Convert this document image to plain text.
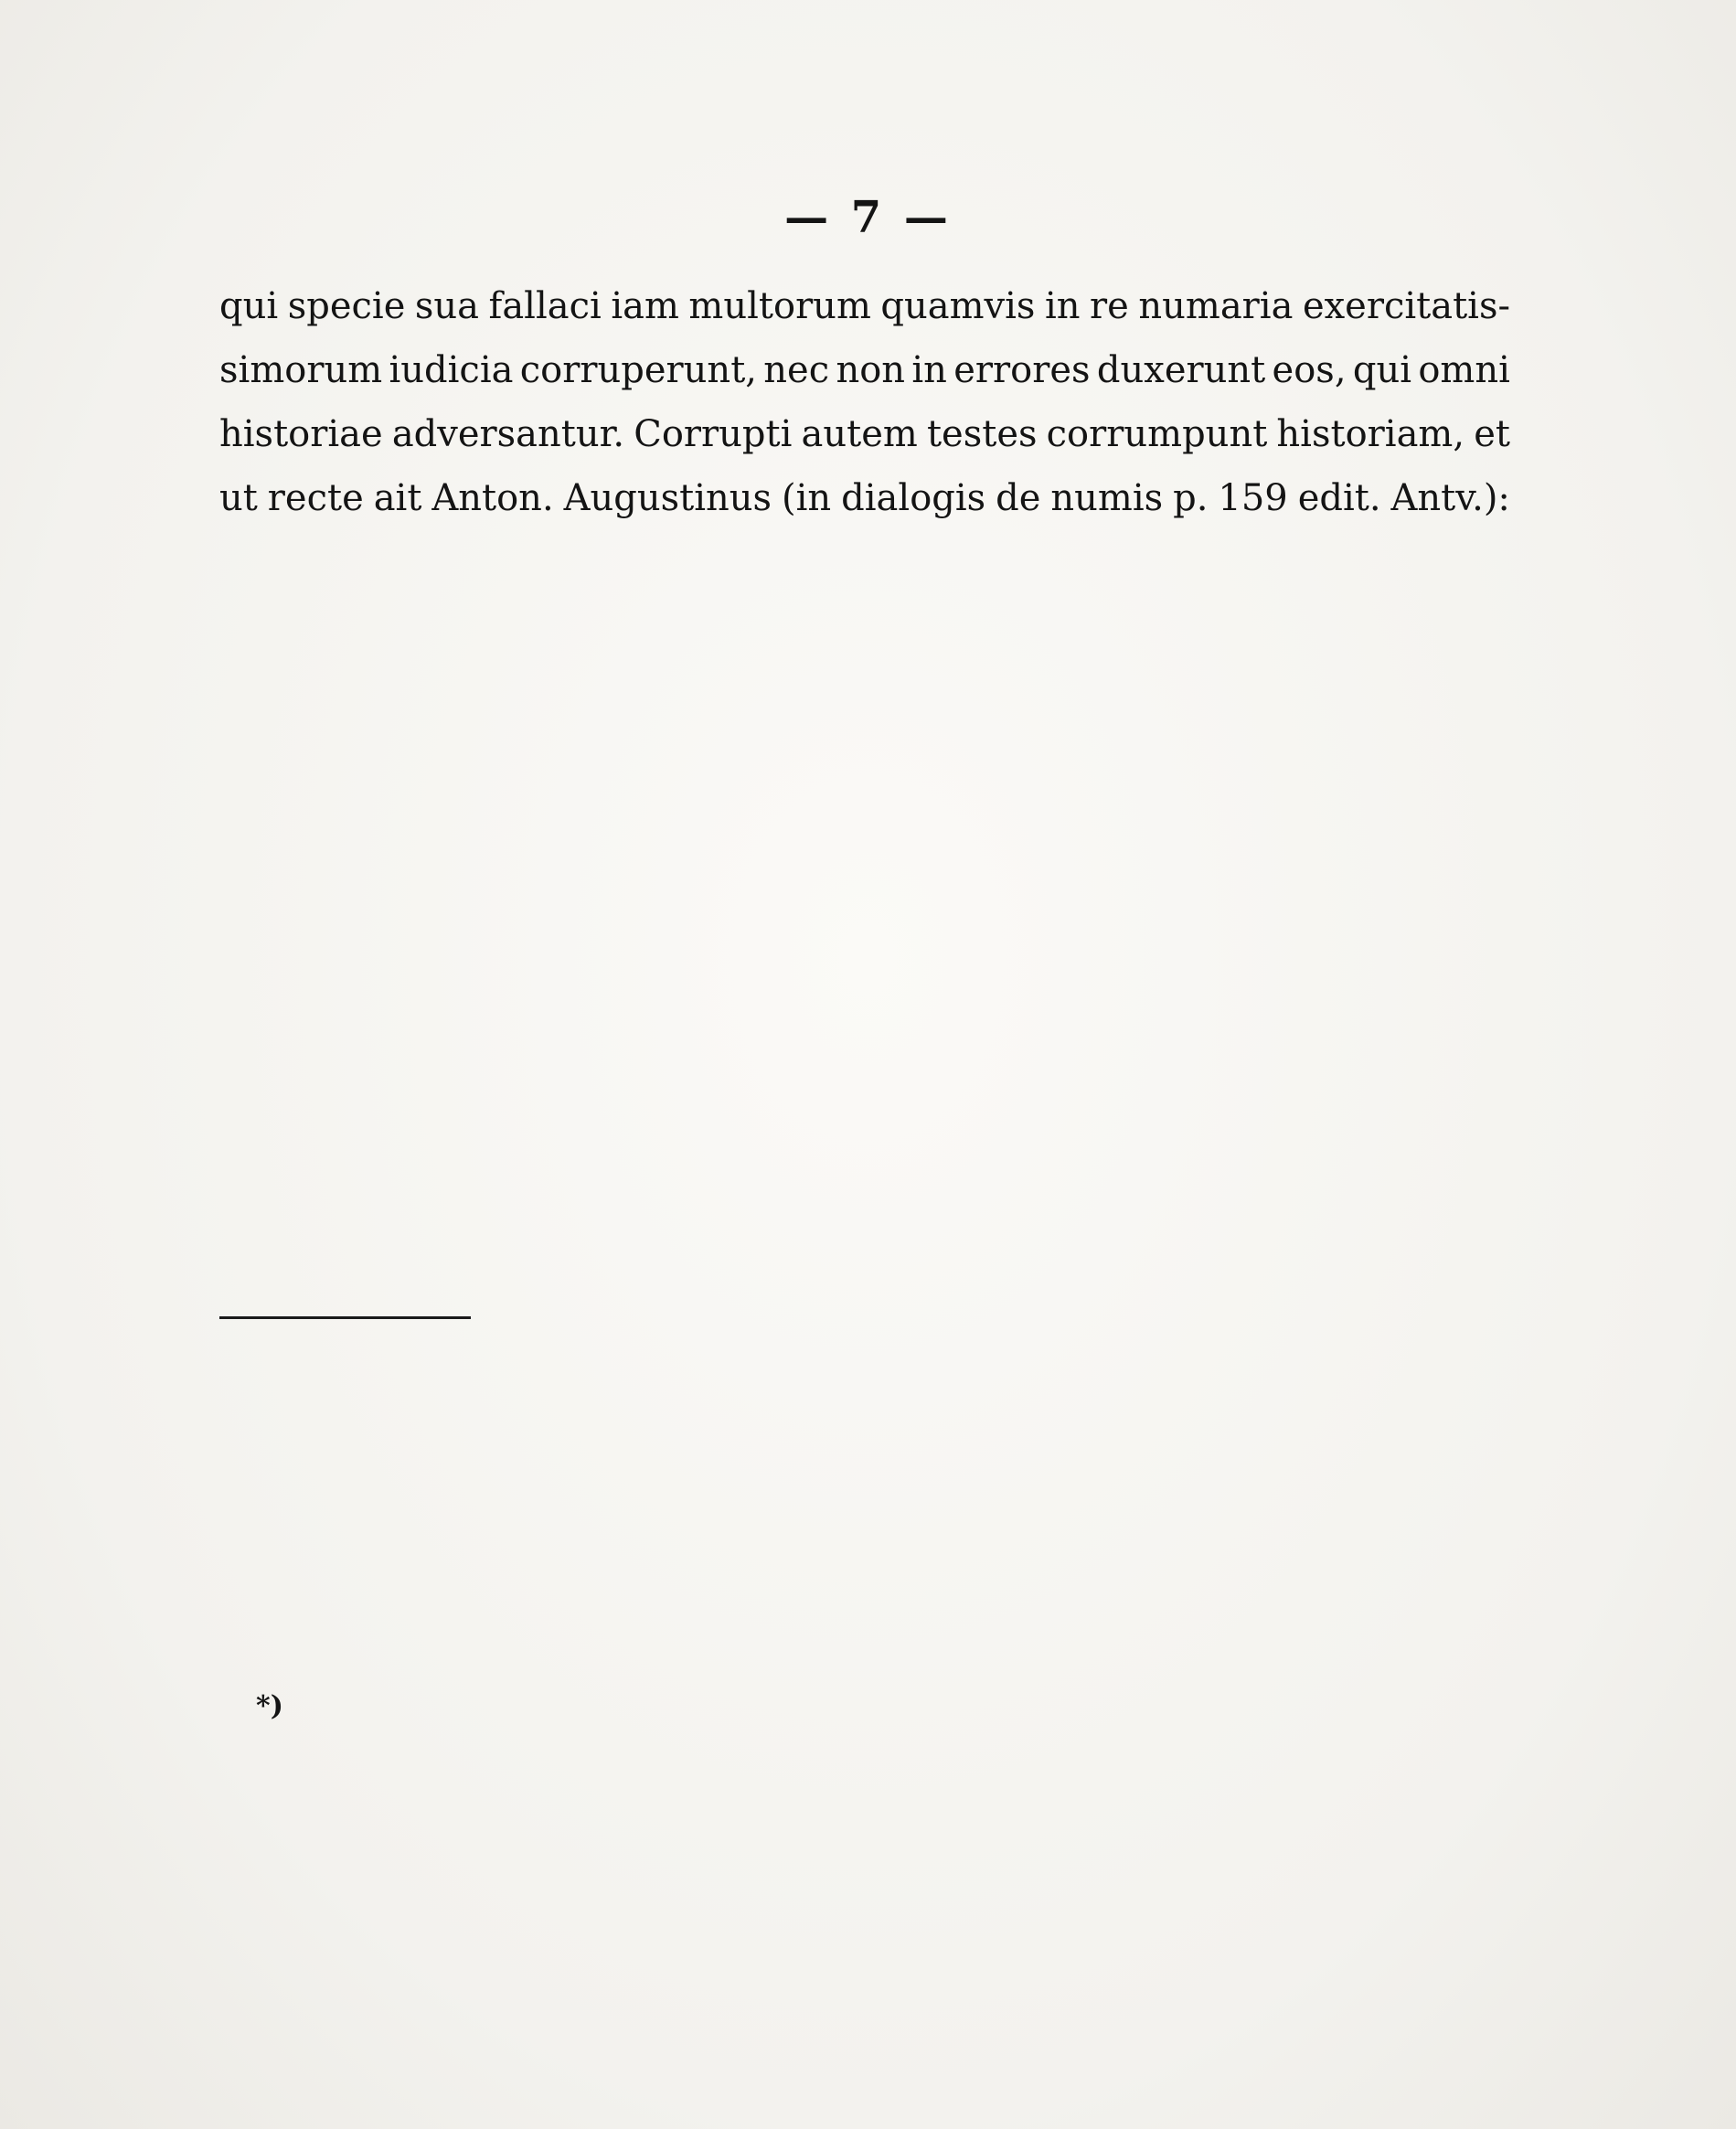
— 7 —
qui specie sua fallaci iam multorum quamvis in re numaria exercitatis-
simorum iudicia corruperunt, nec non in errores duxerunt eos, qui omni
historiae adversantur. Corrupti autem testes corrumpunt historiam, et
ut recte ait Anton. Augustinus (in dialogis de numis p. 159 edit. Antv.):
*)
